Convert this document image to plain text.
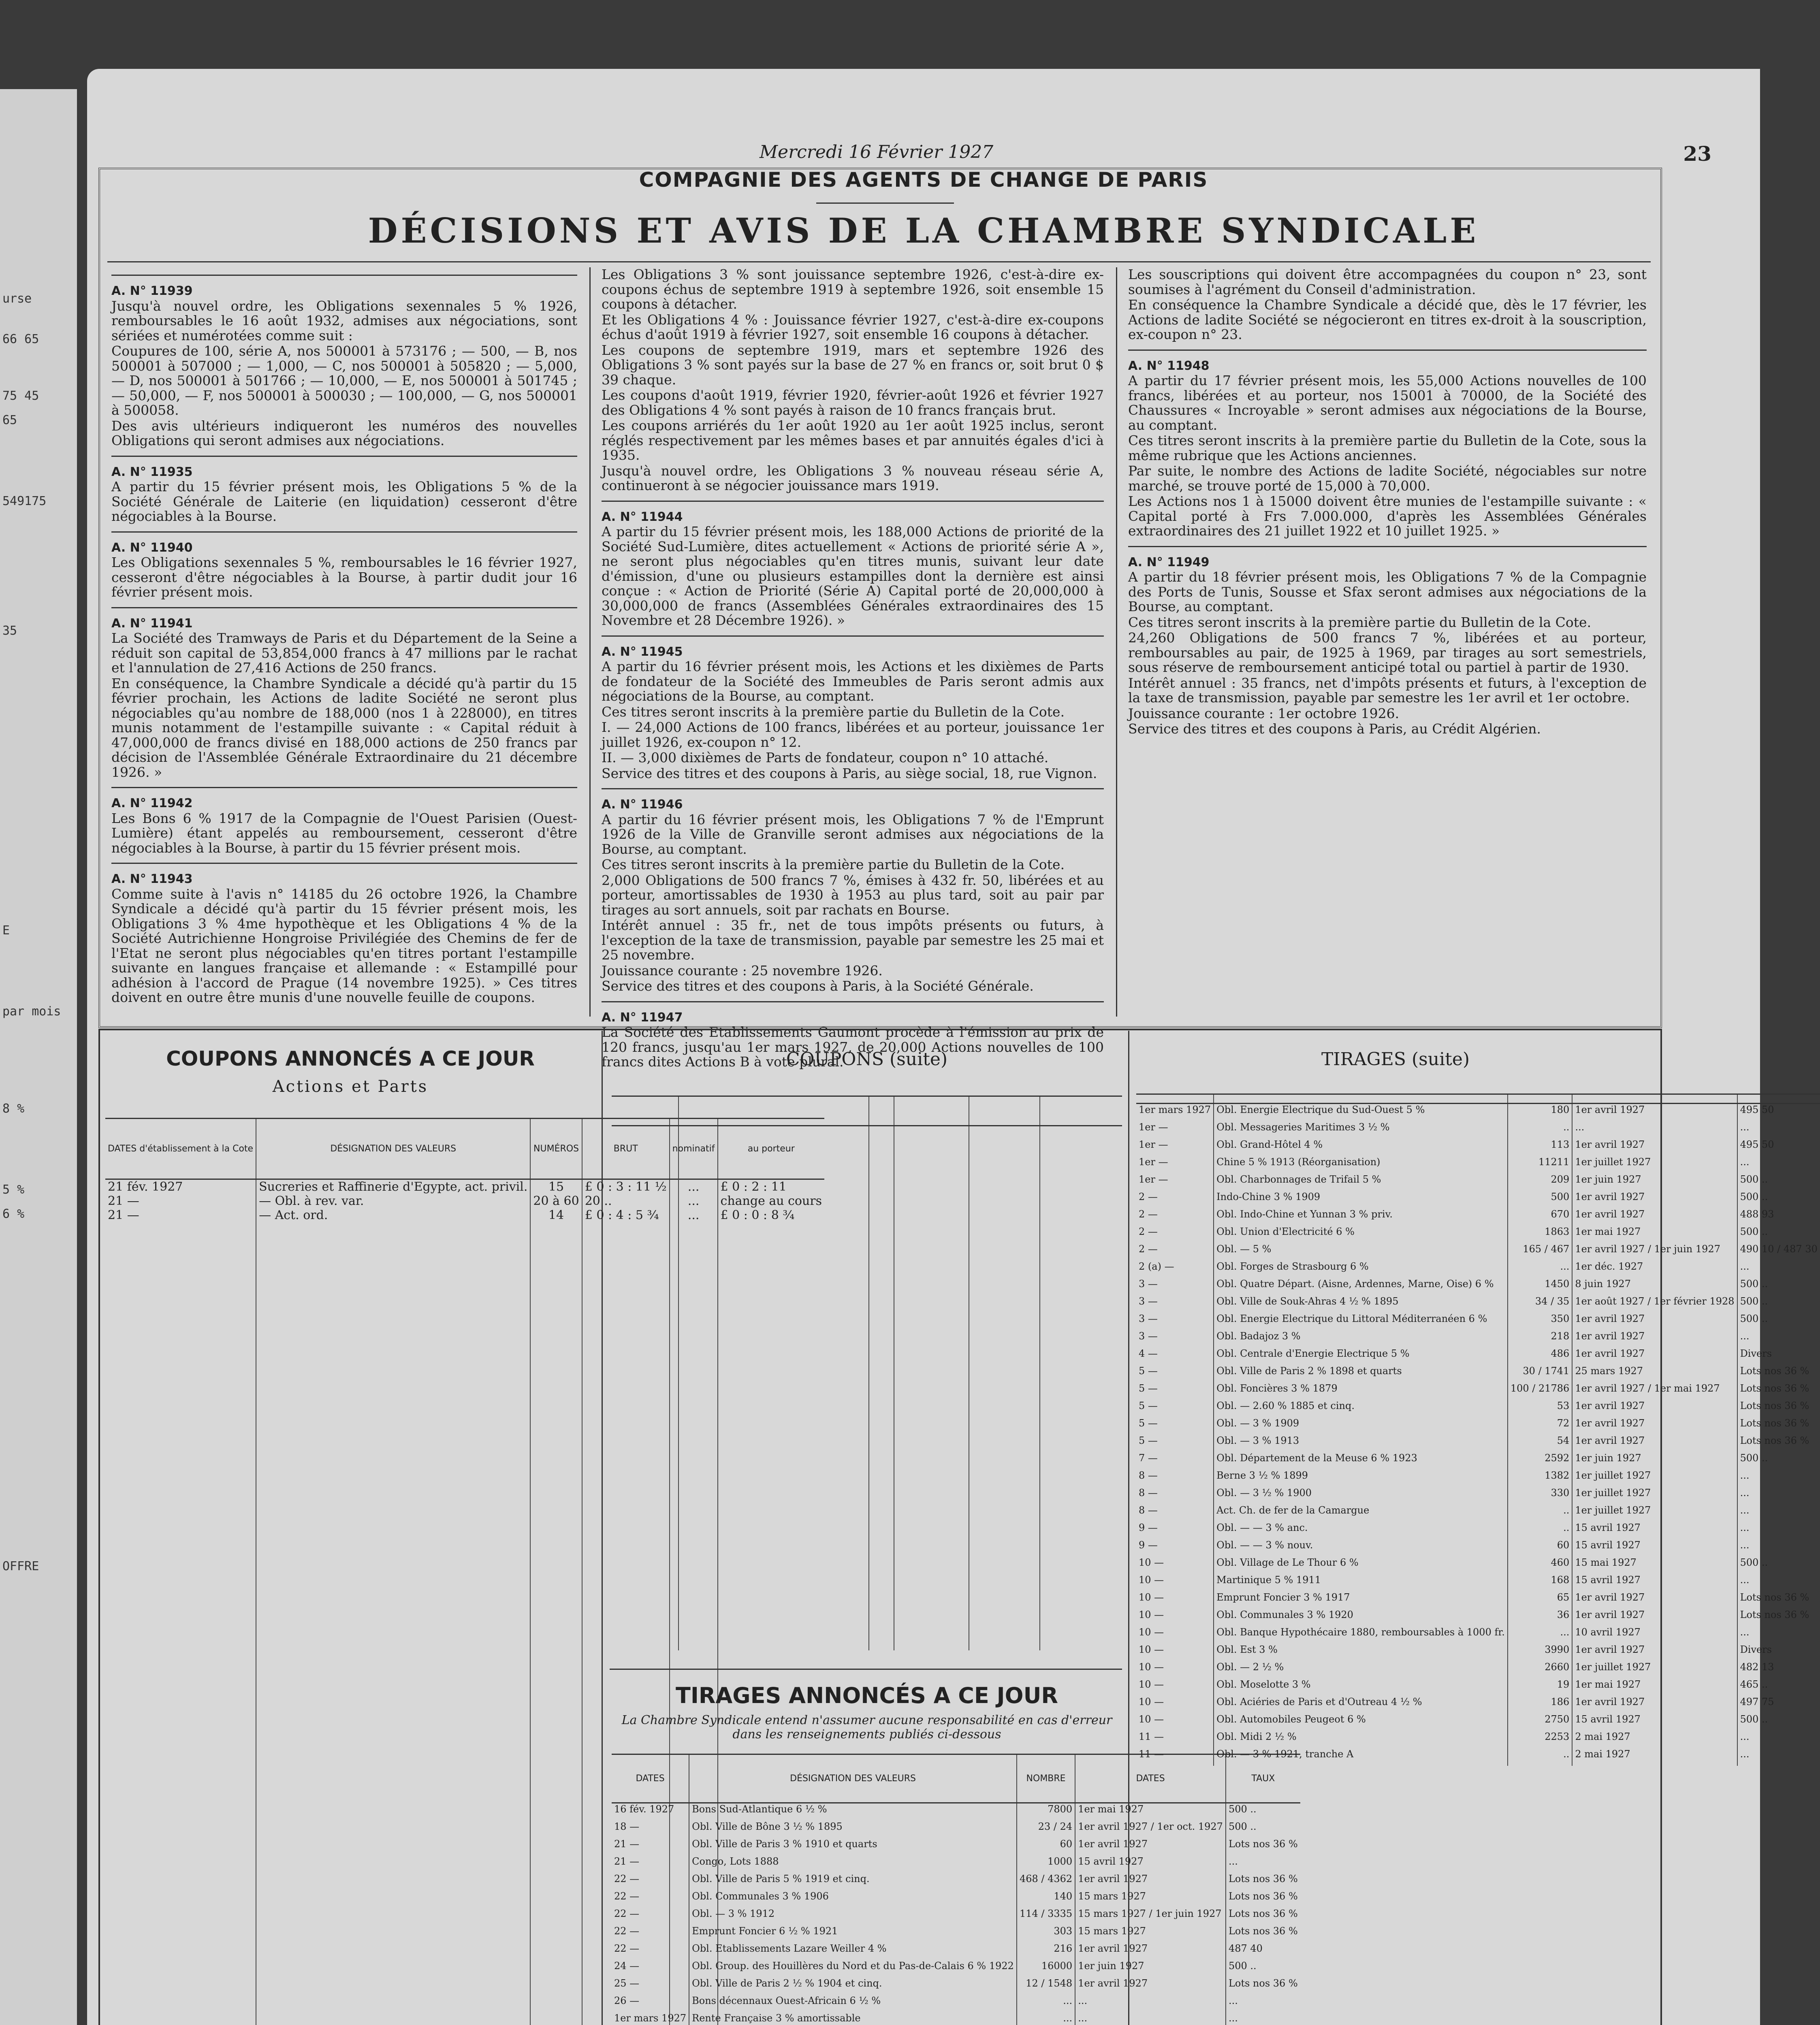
urse
66 65
75 45
65
549175
35
E
par mois
8 %
5 %
6 %
OFFRE
Mercredi 16 Février 1927	23
COMPAGNIE DES AGENTS DE CHANGE DE PARIS
DÉCISIONS ET AVIS DE LA CHAMBRE SYNDICALE
A. N° 11939

Jusqu'à nouvel ordre, les Obligations sexennales 5 % 1926, remboursables le 16 août 1932, admises aux négociations, sont sériées et numérotées comme suit :

Coupures de 100, série A, nos 500001 à 573176 ; — 500, — B, nos 500001 à 507000 ; — 1,000, — C, nos 500001 à 505820 ; — 5,000, — D, nos 500001 à 501766 ; — 10,000, — E, nos 500001 à 501745 ; — 50,000, — F, nos 500001 à 500030 ; — 100,000, — G, nos 500001 à 500058.

Des avis ultérieurs indiqueront les numéros des nouvelles Obligations qui seront admises aux négociations.

A. N° 11935

A partir du 15 février présent mois, les Obligations 5 % de la Société Générale de Laiterie (en liquidation) cesseront d'être négociables à la Bourse.

A. N° 11940

Les Obligations sexennales 5 %, remboursables le 16 février 1927, cesseront d'être négociables à la Bourse, à partir dudit jour 16 février présent mois.

A. N° 11941

La Société des Tramways de Paris et du Département de la Seine a réduit son capital de 53,854,000 francs à 47 millions par le rachat et l'annulation de 27,416 Actions de 250 francs.

En conséquence, la Chambre Syndicale a décidé qu'à partir du 15 février prochain, les Actions de ladite Société ne seront plus négociables qu'au nombre de 188,000 (nos 1 à 228000), en titres munis notamment de l'estampille suivante : « Capital réduit à 47,000,000 de francs divisé en 188,000 actions de 250 francs par décision de l'Assemblée Générale Extraordinaire du 21 décembre 1926. »

A. N° 11942

Les Bons 6 % 1917 de la Compagnie de l'Ouest Parisien (Ouest-Lumière) étant appelés au remboursement, cesseront d'être négociables à la Bourse, à partir du 15 février présent mois.

A. N° 11943

Comme suite à l'avis n° 14185 du 26 octobre 1926, la Chambre Syndicale a décidé qu'à partir du 15 février présent mois, les Obligations 3 % 4me hypothèque et les Obligations 4 % de la Société Autrichienne Hongroise Privilégiée des Chemins de fer de l'Etat ne seront plus négociables qu'en titres portant l'estampille suivante en langues française et allemande : « Estampillé pour adhésion à l'accord de Prague (14 novembre 1925). » Ces titres doivent en outre être munis d'une nouvelle feuille de coupons.

Les Obligations 3 % sont jouissance septembre 1926, c'est-à-dire ex-coupons échus de septembre 1919 à septembre 1926, soit ensemble 15 coupons à détacher.

Et les Obligations 4 % : Jouissance février 1927, c'est-à-dire ex-coupons échus d'août 1919 à février 1927, soit ensemble 16 coupons à détacher.

Les coupons de septembre 1919, mars et septembre 1926 des Obligations 3 % sont payés sur la base de 27 % en francs or, soit brut 0 $ 39 chaque.

Les coupons d'août 1919, février 1920, février-août 1926 et février 1927 des Obligations 4 % sont payés à raison de 10 francs français brut.

Les coupons arriérés du 1er août 1920 au 1er août 1925 inclus, seront réglés respectivement par les mêmes bases et par annuités égales d'ici à 1935.

Jusqu'à nouvel ordre, les Obligations 3 % nouveau réseau série A, continueront à se négocier jouissance mars 1919.

A. N° 11944

A partir du 15 février présent mois, les 188,000 Actions de priorité de la Société Sud-Lumière, dites actuellement « Actions de priorité série A », ne seront plus négociables qu'en titres munis, suivant leur date d'émission, d'une ou plusieurs estampilles dont la dernière est ainsi conçue : « Action de Priorité (Série A) Capital porté de 20,000,000 à 30,000,000 de francs (Assemblées Générales extraordinaires des 15 Novembre et 28 Décembre 1926). »

A. N° 11945

A partir du 16 février présent mois, les Actions et les dixièmes de Parts de fondateur de la Société des Immeubles de Paris seront admis aux négociations de la Bourse, au comptant.

Ces titres seront inscrits à la première partie du Bulletin de la Cote.

I. — 24,000 Actions de 100 francs, libérées et au porteur, jouissance 1er juillet 1926, ex-coupon n° 12.

II. — 3,000 dixièmes de Parts de fondateur, coupon n° 10 attaché.

Service des titres et des coupons à Paris, au siège social, 18, rue Vignon.

A. N° 11946

A partir du 16 février présent mois, les Obligations 7 % de l'Emprunt 1926 de la Ville de Granville seront admises aux négociations de la Bourse, au comptant.

Ces titres seront inscrits à la première partie du Bulletin de la Cote.

2,000 Obligations de 500 francs 7 %, émises à 432 fr. 50, libérées et au porteur, amortissables de 1930 à 1953 au plus tard, soit au pair par tirages au sort annuels, soit par rachats en Bourse.

Intérêt annuel : 35 fr., net de tous impôts présents ou futurs, à l'exception de la taxe de transmission, payable par semestre les 25 mai et 25 novembre.

Jouissance courante : 25 novembre 1926.

Service des titres et des coupons à Paris, à la Société Générale.

A. N° 11947

La Société des Etablissements Gaumont procède à l'émission au prix de 120 francs, jusqu'au 1er mars 1927, de 20,000 Actions nouvelles de 100 francs dites Actions B à vote plural.

Les souscriptions qui doivent être accompagnées du coupon n° 23, sont soumises à l'agrément du Conseil d'administration.

En conséquence la Chambre Syndicale a décidé que, dès le 17 février, les Actions de ladite Société se négocieront en titres ex-droit à la souscription, ex-coupon n° 23.

A. N° 11948

A partir du 17 février présent mois, les 55,000 Actions nouvelles de 100 francs, libérées et au porteur, nos 15001 à 70000, de la Société des Chaussures « Incroyable » seront admises aux négociations de la Bourse, au comptant.

Ces titres seront inscrits à la première partie du Bulletin de la Cote, sous la même rubrique que les Actions anciennes.

Par suite, le nombre des Actions de ladite Société, négociables sur notre marché, se trouve porté de 15,000 à 70,000.

Les Actions nos 1 à 15000 doivent être munies de l'estampille suivante : « Capital porté à Frs 7.000.000, d'après les Assemblées Générales extraordinaires des 21 juillet 1922 et 10 juillet 1925. »

A. N° 11949

A partir du 18 février présent mois, les Obligations 7 % de la Compagnie des Ports de Tunis, Sousse et Sfax seront admises aux négociations de la Bourse, au comptant.

Ces titres seront inscrits à la première partie du Bulletin de la Cote.

24,260 Obligations de 500 francs 7 %, libérées et au porteur, remboursables au pair, de 1925 à 1969, par tirages au sort semestriels, sous réserve de remboursement anticipé total ou partiel à partir de 1930.

Intérêt annuel : 35 francs, net d'impôts présents et futurs, à l'exception de la taxe de transmission, payable par semestre les 1er avril et 1er octobre.

Jouissance courante : 1er octobre 1926.

Service des titres et des coupons à Paris, au Crédit Algérien.

COUPONS ANNONCÉS A CE JOUR
Actions et Parts
DATES d'établissement à la Cote	DÉSIGNATION DES VALEURS	NUMÉROS	BRUT	nominatif	au porteur
21 fév. 1927	Sucreries et Raffinerie d'Egypte, act. privil.	15	£ 0 : 3 : 11 ½	...	£ 0 : 2 : 11
21 —	— Obl. à rev. var.	20 à 60	20 ..	...	change au cours
21 —	— Act. ord.	14	£ 0 : 4 : 5 ¾	...	£ 0 : 0 : 8 ¾

COUPONS (suite)

TIRAGES ANNONCÉS A CE JOUR
La Chambre Syndicale entend n'assumer aucune responsabilité en cas d'erreur
dans les renseignements publiés ci-dessous
DATES	DÉSIGNATION DES VALEURS	NOMBRE	DATES	TAUX
16 fév. 1927	Bons Sud-Atlantique 6 ½ %	7800	1er mai 1927	500 ..
18 —	Obl. Ville de Bône 3 ½ % 1895	23 / 24	1er avril 1927 / 1er oct. 1927	500 ..
21 —	Obl. Ville de Paris 3 % 1910 et quarts	60	1er avril 1927	Lots nos 36 %
21 —	Congo, Lots 1888	1000	15 avril 1927	...
22 —	Obl. Ville de Paris 5 % 1919 et cinq.	468 / 4362	1er avril 1927	Lots nos 36 %
22 —	Obl. Communales 3 % 1906	140	15 mars 1927	Lots nos 36 %
22 —	Obl. — 3 % 1912	114 / 3335	15 mars 1927 / 1er juin 1927	Lots nos 36 %
22 —	Emprunt Foncier 6 ½ % 1921	303	15 mars 1927	Lots nos 36 %
22 —	Obl. Etablissements Lazare Weiller 4 %	216	1er avril 1927	487 40
24 —	Obl. Group. des Houillères du Nord et du Pas-de-Calais 6 % 1922	16000	1er juin 1927	500 ..
25 —	Obl. Ville de Paris 2 ½ % 1904 et cinq.	12 / 1548	1er avril 1927	Lots nos 36 %
26 —	Bons décennaux Ouest-Africain 6 ½ %	...	...	...
1er mars 1927	Rente Française 3 % amortissable	...	...	...

TIRAGES (suite)

1er mars 1927	Obl. Energie Electrique du Sud-Ouest 5 %	180	1er avril 1927	495 50
1er —	Obl. Messageries Maritimes 3 ½ %	..	...	...
1er —	Obl. Grand-Hôtel 4 %	113	1er avril 1927	495 50
1er —	Chine 5 % 1913 (Réorganisation)	11211	1er juillet 1927	...
1er —	Obl. Charbonnages de Trifail 5 %	209	1er juin 1927	500 ..
2 —	Indo-Chine 3 % 1909	500	1er avril 1927	500 ..
2 —	Obl. Indo-Chine et Yunnan 3 % priv.	670	1er avril 1927	488 93
2 —	Obl. Union d'Electricité 6 %	1863	1er mai 1927	500 ..
2 —	Obl. — 5 %	165 / 467	1er avril 1927 / 1er juin 1927	490 10 / 487 30
2 (a) —	Obl. Forges de Strasbourg 6 %	...	1er déc. 1927	...
3 —	Obl. Quatre Départ. (Aisne, Ardennes, Marne, Oise) 6 %	1450	8 juin 1927	500 ..
3 —	Obl. Ville de Souk-Ahras 4 ½ % 1895	34 / 35	1er août 1927 / 1er février 1928	500 ..
3 —	Obl. Energie Electrique du Littoral Méditerranéen 6 %	350	1er avril 1927	500 ..
3 —	Obl. Badajoz 3 %	218	1er avril 1927	...
4 —	Obl. Centrale d'Energie Electrique 5 %	486	1er avril 1927	Divers
5 —	Obl. Ville de Paris 2 % 1898 et quarts	30 / 1741	25 mars 1927	Lots nos 36 %
5 —	Obl. Foncières 3 % 1879	100 / 21786	1er avril 1927 / 1er mai 1927	Lots nos 36 %
5 —	Obl. — 2.60 % 1885 et cinq.	53	1er avril 1927	Lots nos 36 %
5 —	Obl. — 3 % 1909	72	1er avril 1927	Lots nos 36 %
5 —	Obl. — 3 % 1913	54	1er avril 1927	Lots nos 36 %
7 —	Obl. Département de la Meuse 6 % 1923	2592	1er juin 1927	500 ..
8 —	Berne 3 ½ % 1899	1382	1er juillet 1927	...
8 —	Obl. — 3 ½ % 1900	330	1er juillet 1927	...
8 —	Act. Ch. de fer de la Camargue	..	1er juillet 1927	...
9 —	Obl. — — 3 % anc.	..	15 avril 1927	...
9 —	Obl. — — 3 % nouv.	60	15 avril 1927	...
10 —	Obl. Village de Le Thour 6 %	460	15 mai 1927	500 ..
10 —	Martinique 5 % 1911	168	15 avril 1927	...
10 —	Emprunt Foncier 3 % 1917	65	1er avril 1927	Lots nos 36 %
10 —	Obl. Communales 3 % 1920	36	1er avril 1927	Lots nos 36 %
10 —	Obl. Banque Hypothécaire 1880, remboursables à 1000 fr.	...	10 avril 1927	...
10 —	Obl. Est 3 %	3990	1er avril 1927	Divers
10 —	Obl. — 2 ½ %	2660	1er juillet 1927	482 13
10 —	Obl. Moselotte 3 %	19	1er mai 1927	465 ..
10 —	Obl. Aciéries de Paris et d'Outreau 4 ½ %	186	1er avril 1927	497 75
10 —	Obl. Automobiles Peugeot 6 %	2750	15 avril 1927	500 ..
11 —	Obl. Midi 2 ½ %	2253	2 mai 1927	...
11 —	Obl. — 3 % 1921, tranche A	..	2 mai 1927	...
